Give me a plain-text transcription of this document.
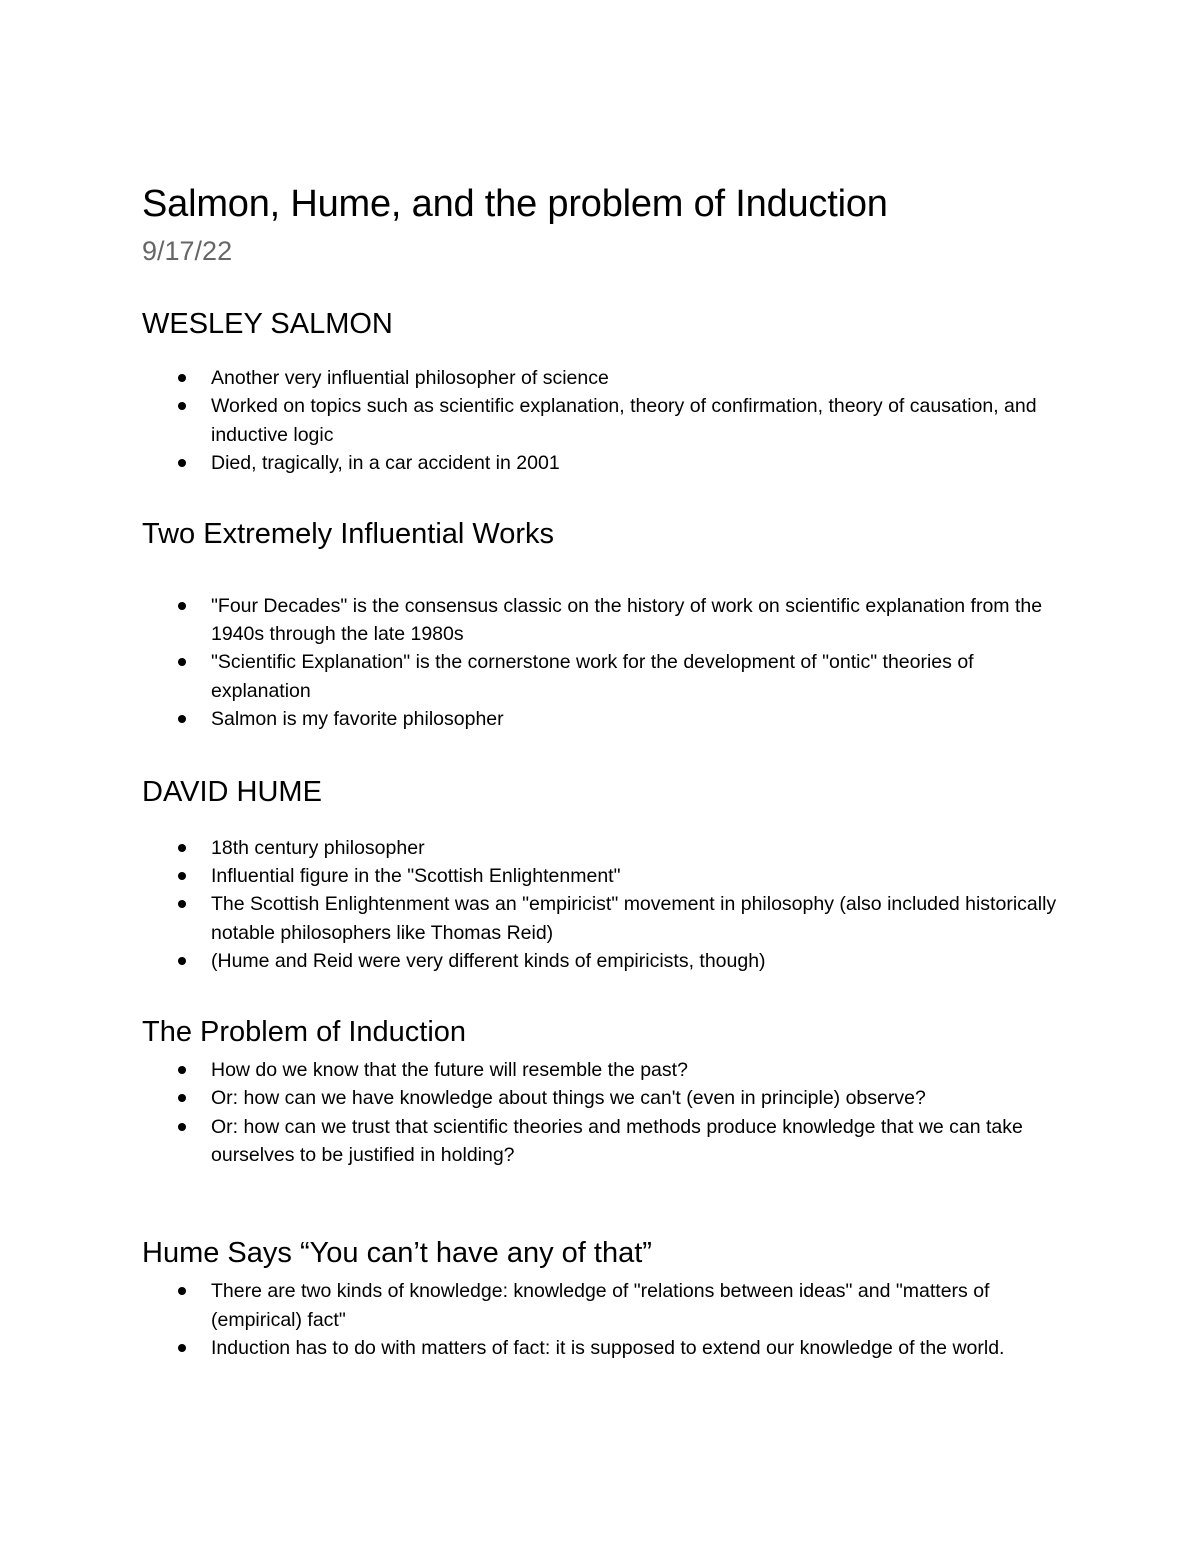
Salmon, Hume, and the problem of Induction
9/17/22
WESLEY SALMON
Another very influential philosopher of science
Worked on topics such as scientific explanation, theory of confirmation, theory of causation, and inductive logic
Died, tragically, in a car accident in 2001
Two Extremely Influential Works
"Four Decades" is the consensus classic on the history of work on scientific explanation from the 1940s through the late 1980s
"Scientific Explanation" is the cornerstone work for the development of "ontic" theories of explanation
Salmon is my favorite philosopher
DAVID HUME
18th century philosopher
Influential figure in the "Scottish Enlightenment"
The Scottish Enlightenment was an "empiricist" movement in philosophy (also included historically notable philosophers like Thomas Reid)
(Hume and Reid were very different kinds of empiricists, though)
The Problem of Induction
How do we know that the future will resemble the past?
Or: how can we have knowledge about things we can't (even in principle) observe?
Or: how can we trust that scientific theories and methods produce knowledge that we can take ourselves to be justified in holding?
Hume Says “You can’t have any of that”
There are two kinds of knowledge: knowledge of "relations between ideas" and "matters of (empirical) fact"
Induction has to do with matters of fact: it is supposed to extend our knowledge of the world.
